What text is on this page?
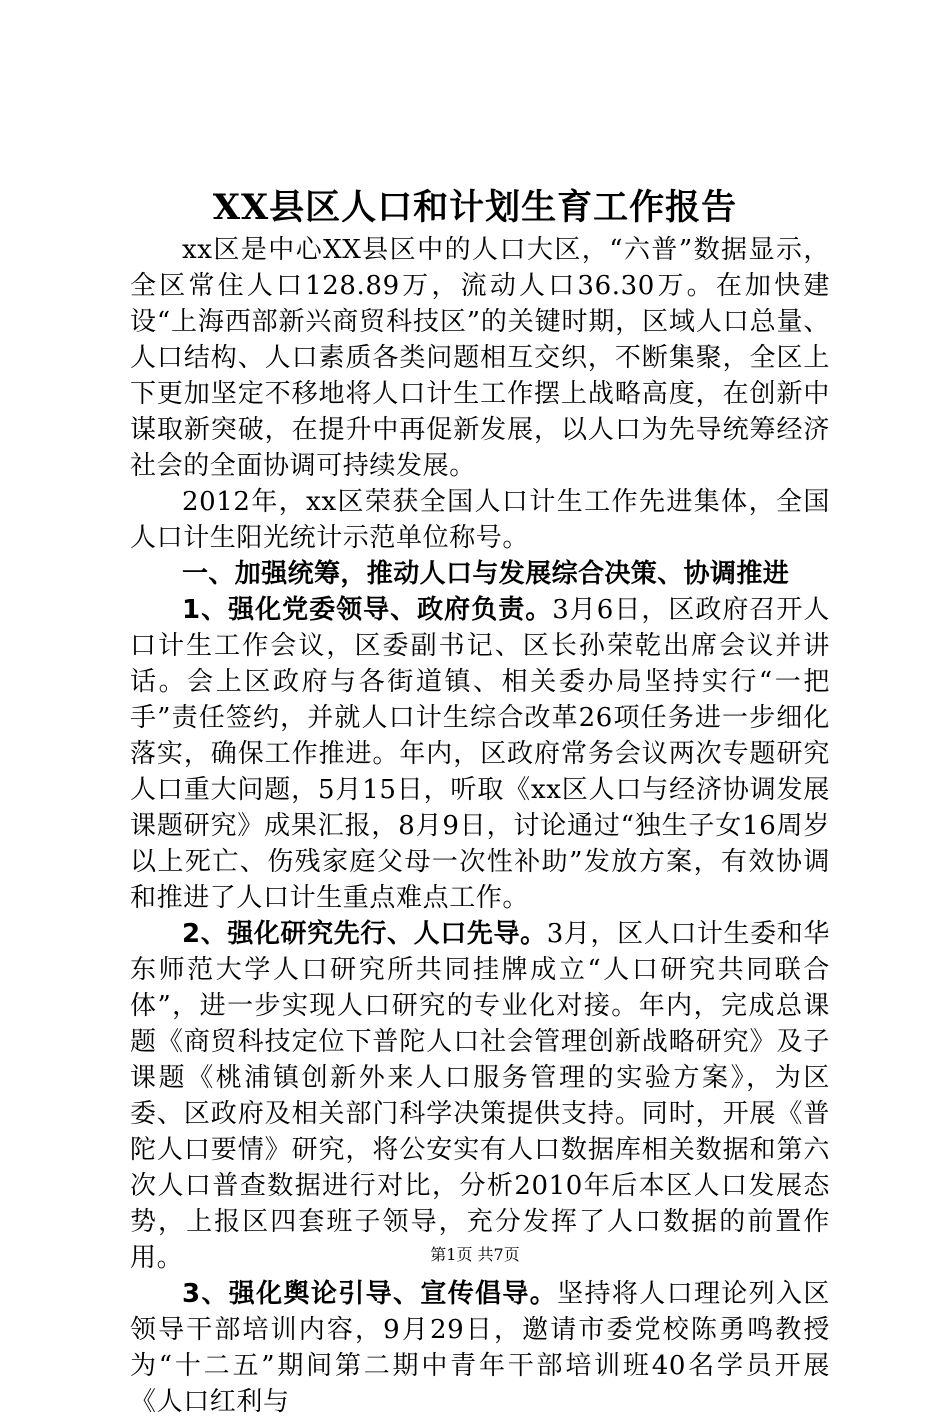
XX县区人口和计划生育工作报告

xx区是中心XX县区中的人口大区，“六普”数据显示，全区常住人口128.89万，流动人口36.30万。在加快建设“上海西部新兴商贸科技区”的关键时期，区域人口总量、人口结构、人口素质各类问题相互交织，不断集聚，全区上下更加坚定不移地将人口计生工作摆上战略高度，在创新中谋取新突破，在提升中再促新发展，以人口为先导统筹经济社会的全面协调可持续发展。

2012年，xx区荣获全国人口计生工作先进集体，全国人口计生阳光统计示范单位称号。

一、加强统筹，推动人口与发展综合决策、协调推进

1、强化党委领导、政府负责。3月6日，区政府召开人口计生工作会议，区委副书记、区长孙荣乾出席会议并讲话。会上区政府与各街道镇、相关委办局坚持实行“一把手”责任签约，并就人口计生综合改革26项任务进一步细化落实，确保工作推进。年内，区政府常务会议两次专题研究人口重大问题，5月15日，听取《xx区人口与经济协调发展课题研究》成果汇报，8月9日，讨论通过“独生子女16周岁以上死亡、伤残家庭父母一次性补助”发放方案，有效协调和推进了人口计生重点难点工作。

2、强化研究先行、人口先导。3月，区人口计生委和华东师范大学人口研究所共同挂牌成立“人口研究共同联合体”，进一步实现人口研究的专业化对接。年内，完成总课题《商贸科技定位下普陀人口社会管理创新战略研究》及子课题《桃浦镇创新外来人口服务管理的实验方案》，为区委、区政府及相关部门科学决策提供支持。同时，开展《普陀人口要情》研究，将公安实有人口数据库相关数据和第六次人口普查数据进行对比，分析2010年后本区人口发展态势，上报区四套班子领导，充分发挥了人口数据的前置作用。

3、强化舆论引导、宣传倡导。坚持将人口理论列入区领导干部培训内容，9月29日，邀请市委党校陈勇鸣教授为“十二五”期间第二期中青年干部培训班40名学员开展《人口红利与

第1页 共7页
